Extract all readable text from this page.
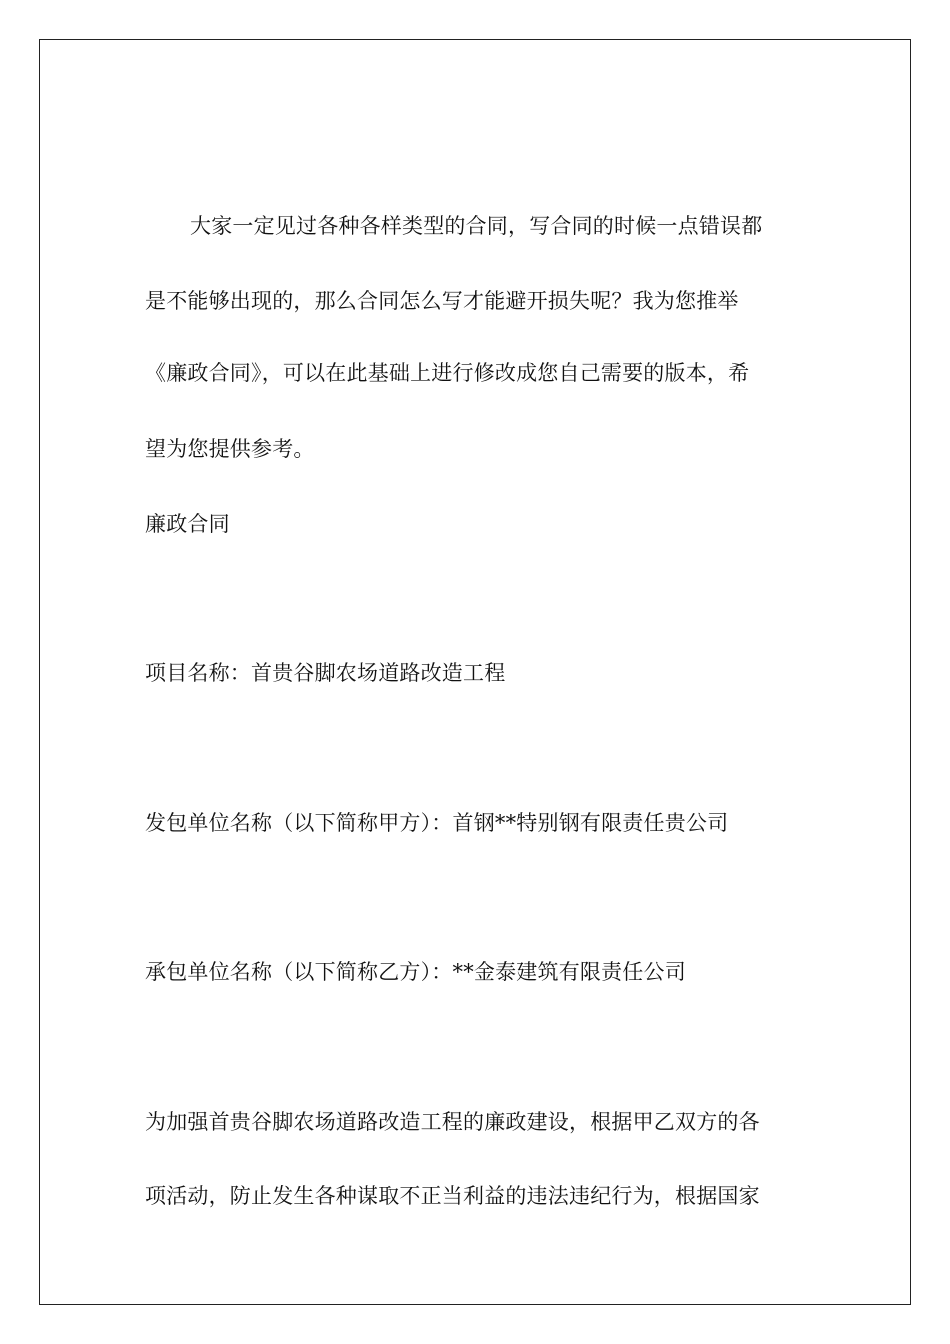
大家一定见过各种各样类型的合同，写合同的时候一点错误都
是不能够出现的，那么合同怎么写才能避开损失呢？我为您推举
《廉政合同》，可以在此基础上进行修改成您自己需要的版本，希
望为您提供参考。
廉政合同
项目名称：首贵谷脚农场道路改造工程
发包单位名称（以下简称甲方）：首钢**特别钢有限责任贵公司
承包单位名称（以下简称乙方）：**金泰建筑有限责任公司
为加强首贵谷脚农场道路改造工程的廉政建设，根据甲乙双方的各
项活动，防止发生各种谋取不正当利益的违法违纪行为，根据国家
